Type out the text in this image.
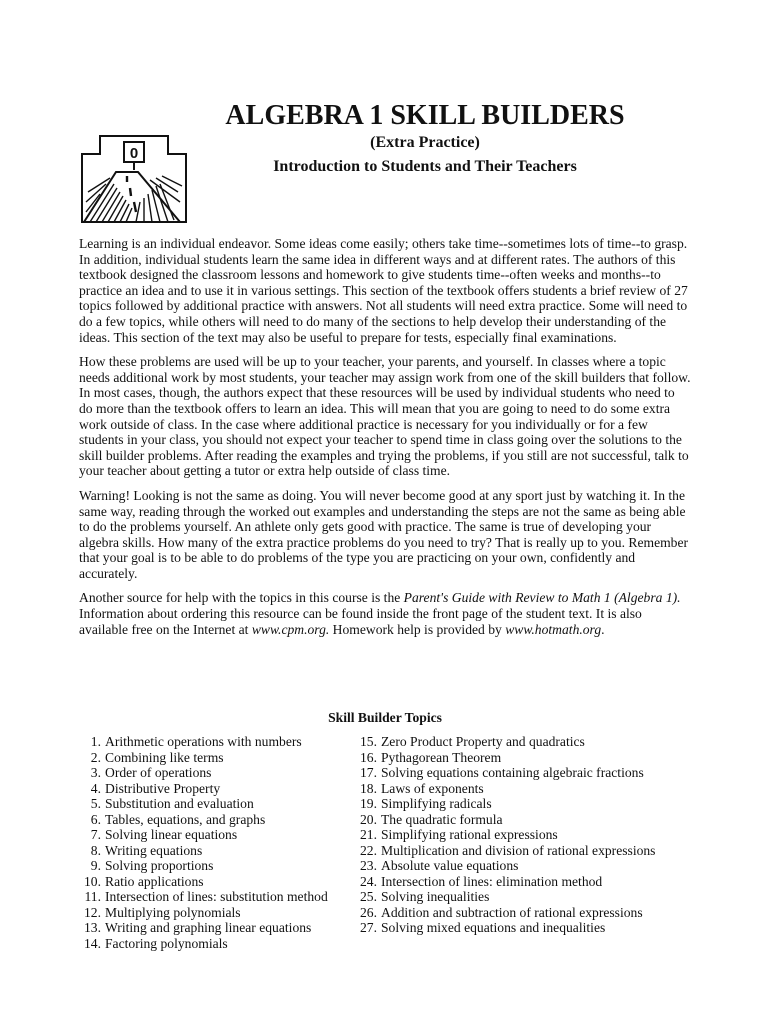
0
ALGEBRA 1 SKILL BUILDERS
(Extra Practice)
Introduction to Students and Their Teachers

Learning is an individual endeavor. Some ideas come easily; others take time--sometimes lots of time--to grasp. In addition, individual students learn the same idea in different ways and at different rates. The authors of this textbook designed the classroom lessons and homework to give students time--often weeks and months--to practice an idea and to use it in various settings. This section of the textbook offers students a brief review of 27 topics followed by additional practice with answers. Not all students will need extra practice. Some will need to do a few topics, while others will need to do many of the sections to help develop their understanding of the ideas. This section of the text may also be useful to prepare for tests, especially final examinations.

How these problems are used will be up to your teacher, your parents, and yourself. In classes where a topic needs additional work by most students, your teacher may assign work from one of the skill builders that follow. In most cases, though, the authors expect that these resources will be used by individual students who need to do more than the textbook offers to learn an idea. This will mean that you are going to need to do some extra work outside of class. In the case where additional practice is necessary for you individually or for a few students in your class, you should not expect your teacher to spend time in class going over the solutions to the skill builder problems. After reading the examples and trying the problems, if you still are not successful, talk to your teacher about getting a tutor or extra help outside of class time.

Warning! Looking is not the same as doing. You will never become good at any sport just by watching it. In the same way, reading through the worked out examples and understanding the steps are not the same as being able to do the problems yourself. An athlete only gets good with practice. The same is true of developing your algebra skills. How many of the extra practice problems do you need to try? That is really up to you. Remember that your goal is to be able to do problems of the type you are practicing on your own, confidently and accurately.

Another source for help with the topics in this course is the Parent's Guide with Review to Math 1 (Algebra 1). Information about ordering this resource can be found inside the front page of the student text. It is also available free on the Internet at www.cpm.org. Homework help is provided by www.hotmath.org.

Skill Builder Topics
1. Arithmetic operations with numbers
2. Combining like terms
3. Order of operations
4. Distributive Property
5. Substitution and evaluation
6. Tables, equations, and graphs
7. Solving linear equations
8. Writing equations
9. Solving proportions
10. Ratio applications
11. Intersection of lines: substitution method
12. Multiplying polynomials
13. Writing and graphing linear equations
14. Factoring polynomials
15. Zero Product Property and quadratics
16. Pythagorean Theorem
17. Solving equations containing algebraic fractions
18. Laws of exponents
19. Simplifying radicals
20. The quadratic formula
21. Simplifying rational expressions
22. Multiplication and division of rational expressions
23. Absolute value equations
24. Intersection of lines: elimination method
25. Solving inequalities
26. Addition and subtraction of rational expressions
27. Solving mixed equations and inequalities
